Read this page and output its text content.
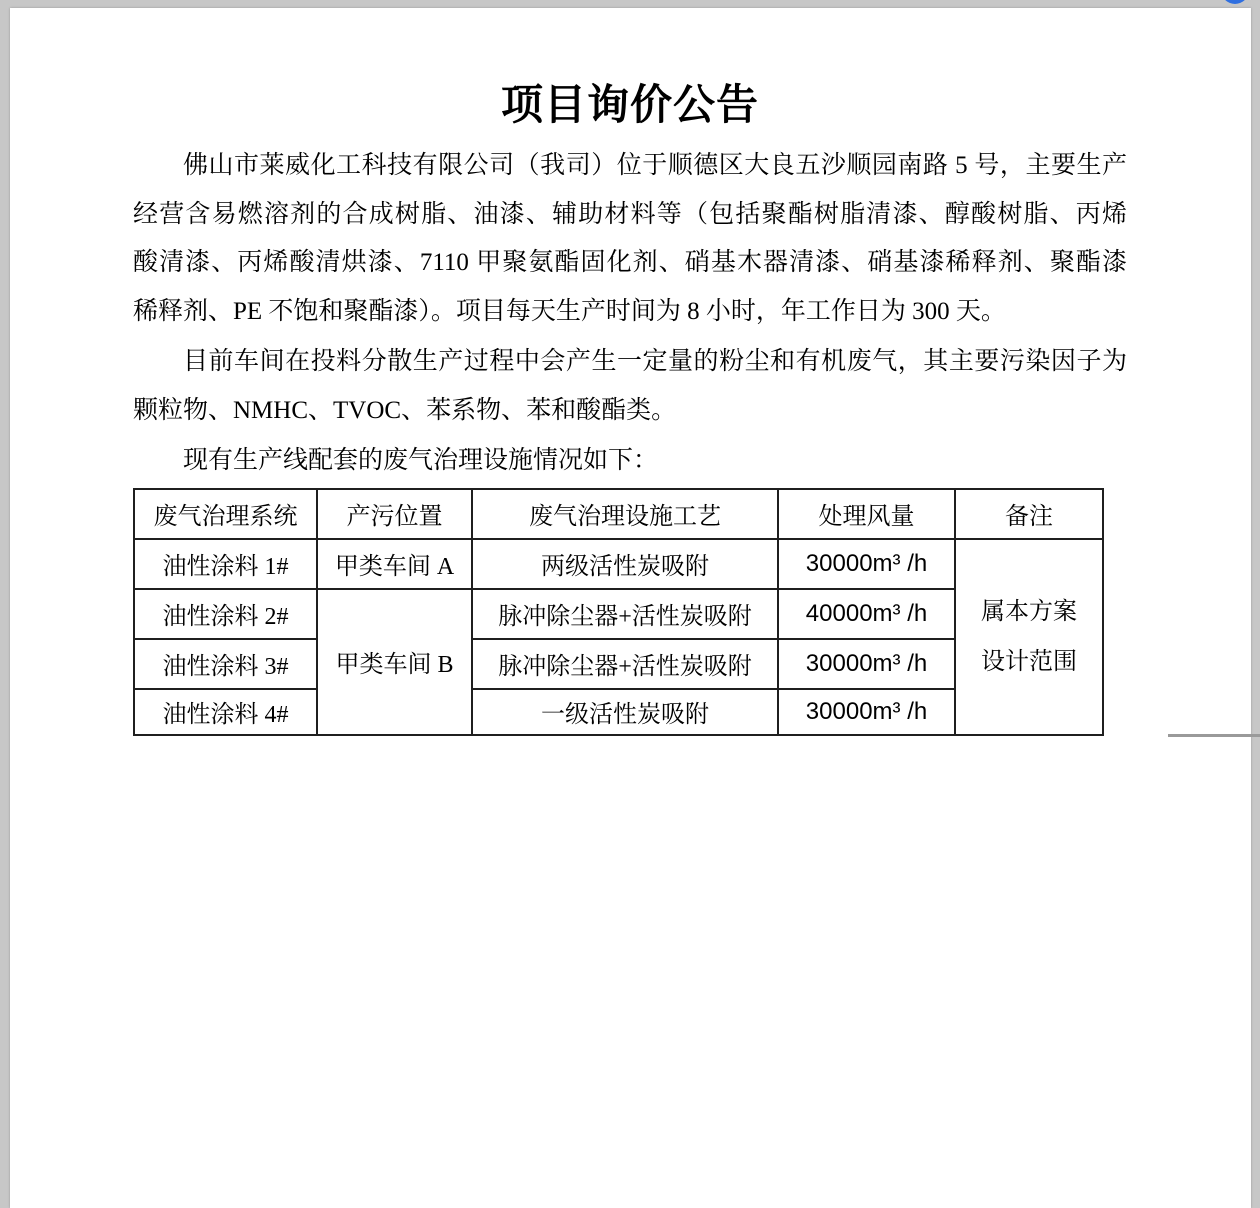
项目询价公告
佛山市莱威化工科技有限公司（我司）位于顺德区大良五沙顺园南路 5 号，主要生产
经营含易燃溶剂的合成树脂、油漆、辅助材料等（包括聚酯树脂清漆、醇酸树脂、丙烯
酸清漆、丙烯酸清烘漆、7110 甲聚氨酯固化剂、硝基木器清漆、硝基漆稀释剂、聚酯漆
稀释剂、PE 不饱和聚酯漆）。项目每天生产时间为 8 小时，年工作日为 300 天。
目前车间在投料分散生产过程中会产生一定量的粉尘和有机废气，其主要污染因子为
颗粒物、NMHC、TVOC、苯系物、苯和酸酯类。
现有生产线配套的废气治理设施情况如下：
废气治理系统	产污位置	废气治理设施工艺	处理风量	备注
油性涂料 1#	甲类车间 A	两级活性炭吸附	30000m³ /h	属本方案
设计范围

油性涂料 2#	甲类车间 B	脉冲除尘器+活性炭吸附	40000m³ /h	
油性涂料 3#		脉冲除尘器+活性炭吸附	30000m³ /h	
油性涂料 4#		一级活性炭吸附	30000m³ /h	
